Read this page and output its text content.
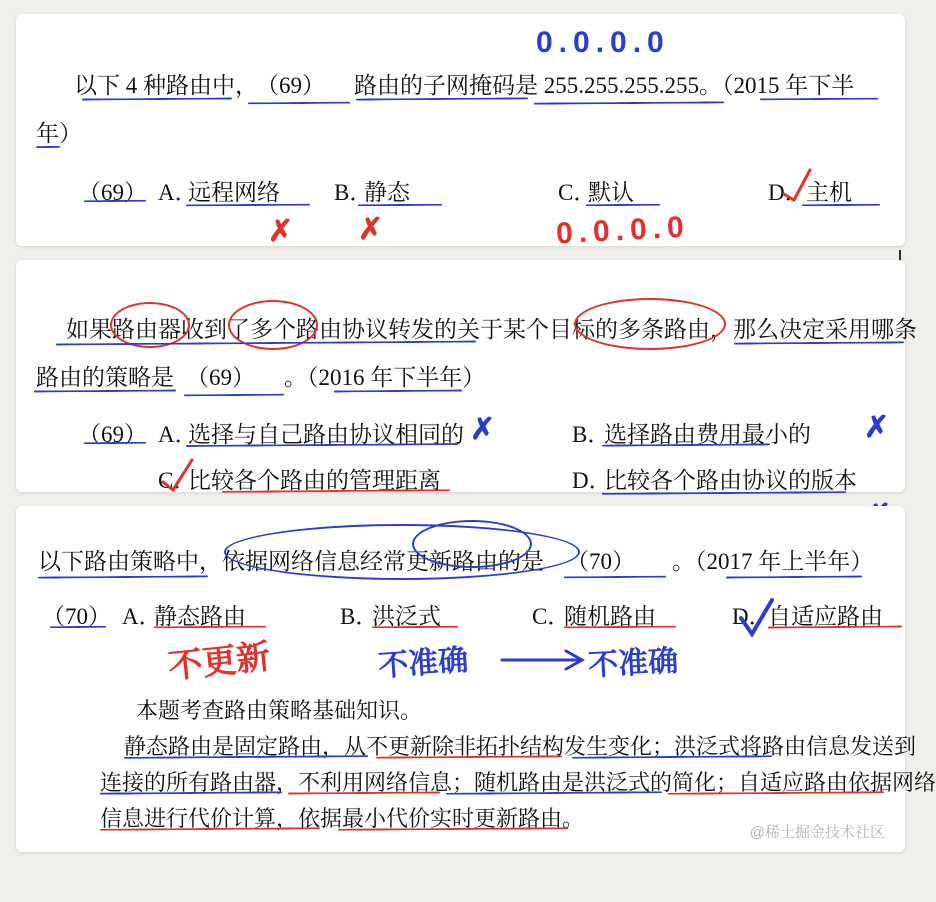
以下 4 种路由中，
（69） 路由的子网掩码是 255.255.255.255。（2015 年下半
年）
（69） A．
远程网络 B．
静态	C．
默认	D．
主机
0.0.0.0
0.0.0.0
✗ ✗
如果路由器收到了多个路由协议转发的关于某个目标的多条路由，那么决定采用哪条
路由的策略是 （69） 。（2016 年下半年）
（69） A．
选择与自己路由协议相同的	B．
选择路由费用最小的
C．
比较各个路由的管理距离	D．
比较各个路由协议的版本
✗	✗
以下路由策略中，依据网络信息经常更新路由的是 （70） 。（2017 年上半年）
（70） A．
静态路由	B．
洪泛式	C．
随机路由	D．
自适应路由
本题考查路由策略基础知识。
静态路由是固定路由，从不更新除非拓扑结构发生变化；洪泛式将路由信息发送到
连接的所有路由器，不利用网络信息；随机路由是洪泛式的简化；自适应路由依据网络
信息进行代价计算，依据最小代价实时更新路由。
不更新	不准确	不准确
@稀土掘金技术社区
